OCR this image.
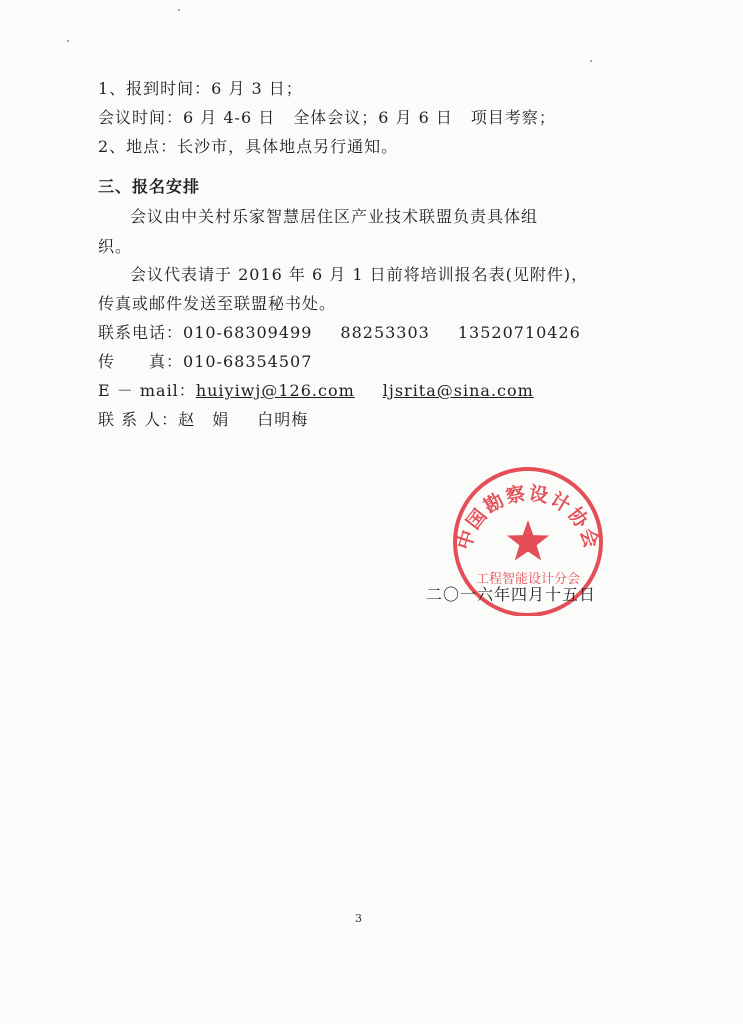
1、报到时间：6 月 3 日；
会议时间：6 月 4-6 日 全体会议；6 月 6 日 项目考察；
2、地点：长沙市，具体地点另行通知。
三、报名安排
会议由中关村乐家智慧居住区产业技术联盟负责具体组
织。
会议代表请于 2016 年 6 月 1 日前将培训报名表(见附件)，
传真或邮件发送至联盟秘书处。
联系电话：010-68309499 88253303 13520710426
传　　真：010-68354507
E － mail：huiyiwj@126.com ljsrita@sina.com
联 系 人：赵　娟 白明梅
中国勘察设计协会
工程智能设计分会
二〇一六年四月十五日
3
